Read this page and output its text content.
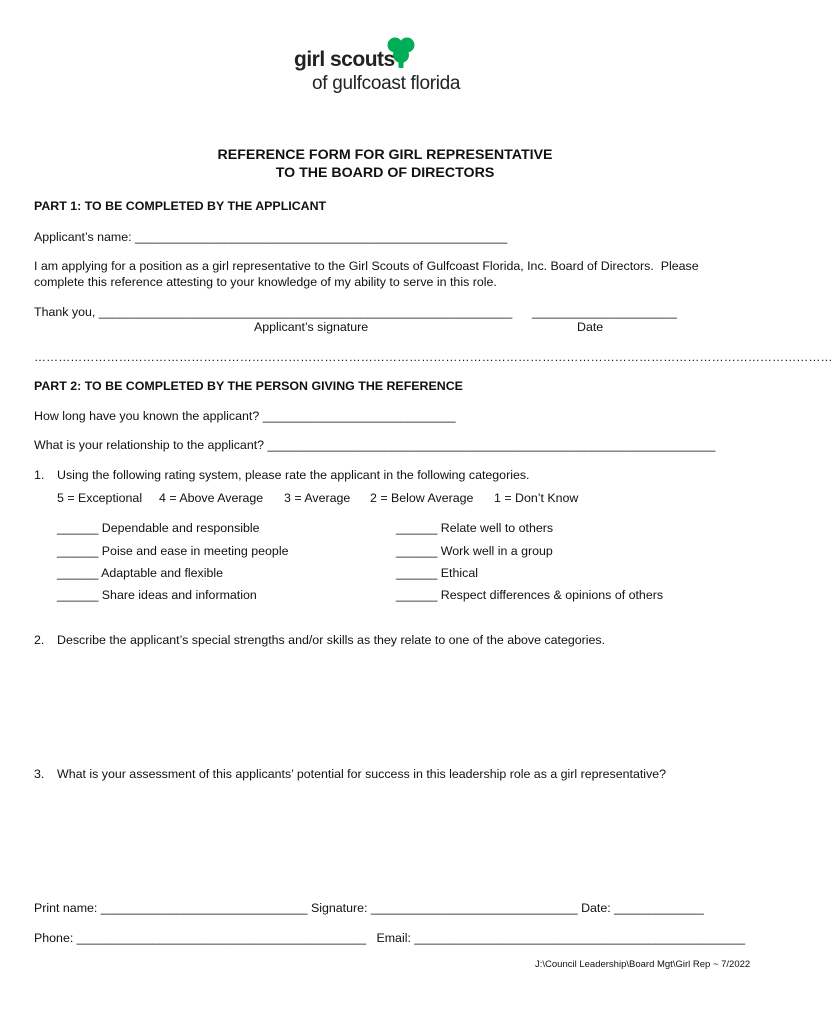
girl scouts
of gulfcoast florida
REFERENCE FORM FOR GIRL REPRESENTATIVE
TO THE BOARD OF DIRECTORS
PART 1: TO BE COMPLETED BY THE APPLICANT
Applicant’s name: ______________________________________________________
I am applying for a position as a girl representative to the Girl Scouts of Gulfcoast Florida, Inc. Board of Directors.  Please
complete this reference attesting to your knowledge of my ability to serve in this role.
Thank you, ____________________________________________________________ _____________________
Applicant’s signature	Date
………………………………………………………………………………………………………………………………………………………………………………
PART 2: TO BE COMPLETED BY THE PERSON GIVING THE REFERENCE
How long have you known the applicant? ____________________________
What is your relationship to the applicant? _________________________________________________________________
1. Using the following rating system, please rate the applicant in the following categories.
5 = Exceptional 4 = Above Average 3 = Average 2 = Below Average 1 = Don’t Know
______ Dependable and responsible
______ Poise and ease in meeting people
______ Adaptable and flexible
______ Share ideas and information
______ Relate well to others
______ Work well in a group
______ Ethical
______ Respect differences & opinions of others
2. Describe the applicant’s special strengths and/or skills as they relate to one of the above categories.
3. What is your assessment of this applicants’ potential for success in this leadership role as a girl representative?
Print name: ______________________________ Signature: ______________________________ Date: _____________
Phone: __________________________________________   Email: ________________________________________________
J:\Council Leadership\Board Mgt\Girl Rep ~ 7/2022
